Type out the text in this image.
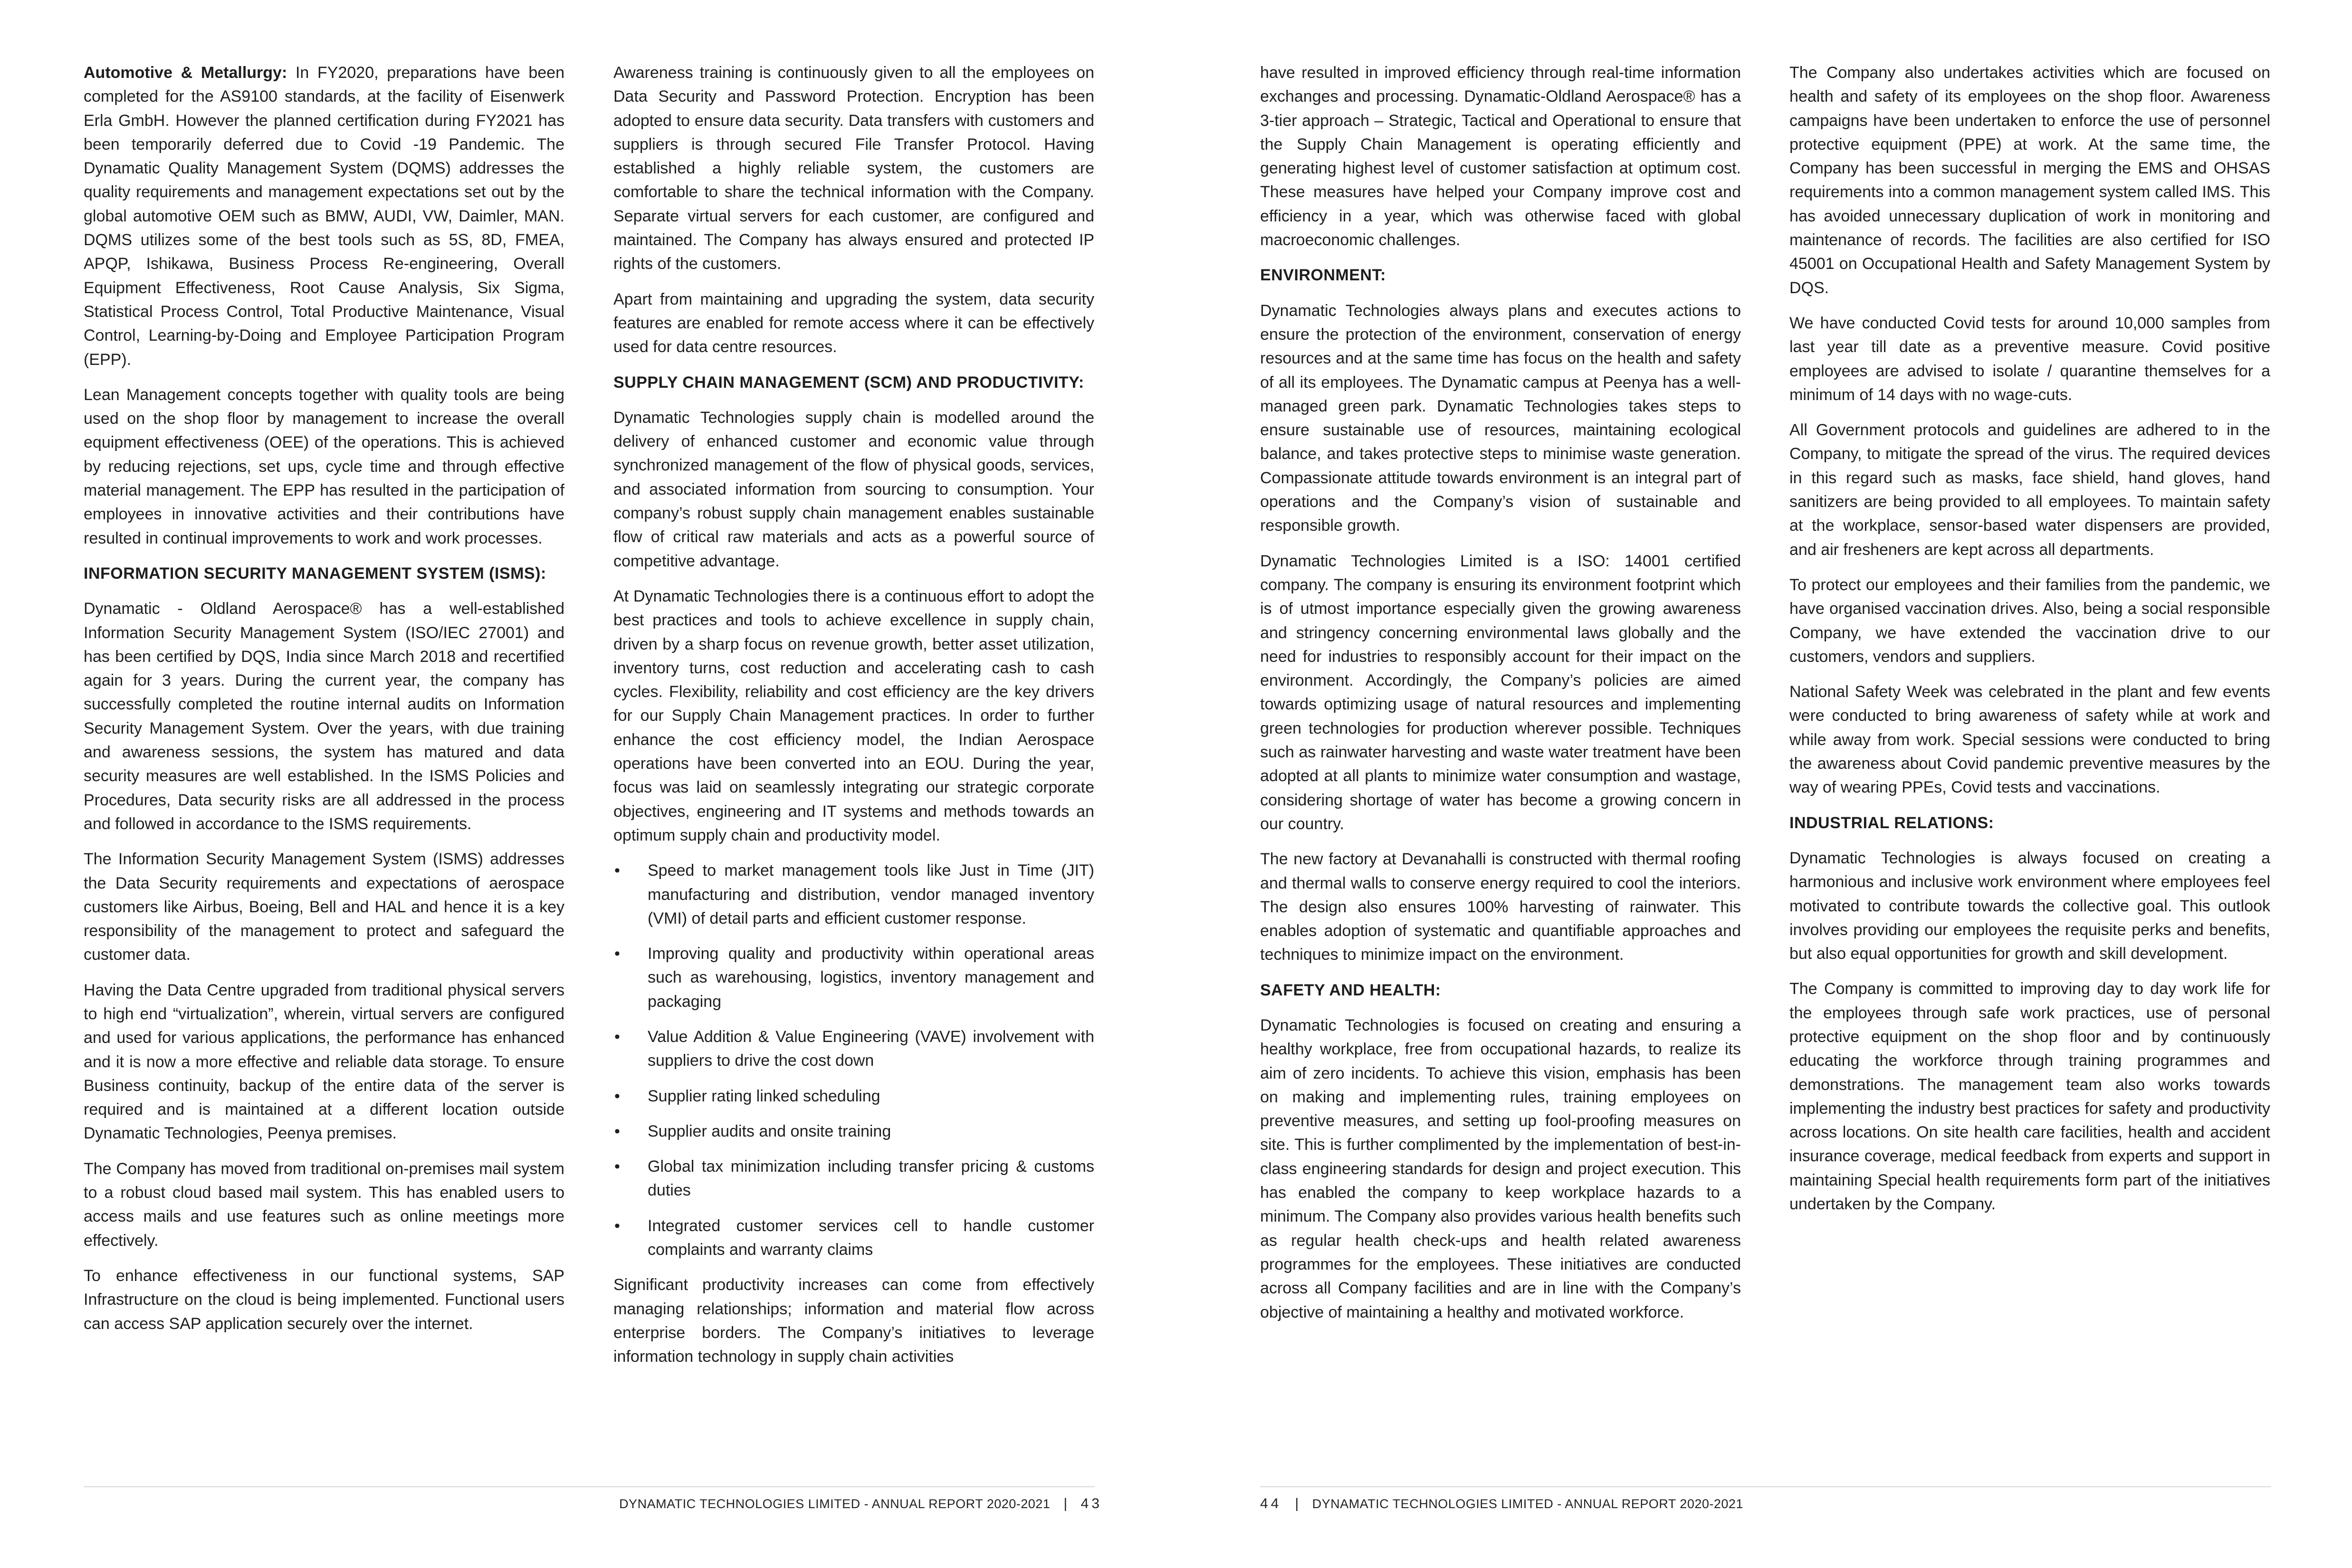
Automotive & Metallurgy: In FY2020, preparations have been completed for the AS9100 standards, at the facility of Eisenwerk Erla GmbH. However the planned certification during FY2021 has been temporarily deferred due to Covid -19 Pandemic. The Dynamatic Quality Management System (DQMS) addresses the quality requirements and management expectations set out by the global automotive OEM such as BMW, AUDI, VW, Daimler, MAN. DQMS utilizes some of the best tools such as 5S, 8D, FMEA, APQP, Ishikawa, Business Process Re-engineering, Overall Equipment Effectiveness, Root Cause Analysis, Six Sigma, Statistical Process Control, Total Productive Maintenance, Visual Control, Learning-by-Doing and Employee Participation Program (EPP).

Lean Management concepts together with quality tools are being used on the shop floor by management to increase the overall equipment effectiveness (OEE) of the operations. This is achieved by reducing rejections, set ups, cycle time and through effective material management. The EPP has resulted in the participation of employees in innovative activities and their contributions have resulted in continual improvements to work and work processes.

INFORMATION SECURITY MANAGEMENT SYSTEM (ISMS):

Dynamatic - Oldland Aerospace® has a well-established Information Security Management System (ISO/IEC 27001) and has been certified by DQS, India since March 2018 and recertified again for 3 years. During the current year, the company has successfully completed the routine internal audits on Information Security Management System. Over the years, with due training and awareness sessions, the system has matured and data security measures are well established. In the ISMS Policies and Procedures, Data security risks are all addressed in the process and followed in accordance to the ISMS requirements.

The Information Security Management System (ISMS) addresses the Data Security requirements and expectations of aerospace customers like Airbus, Boeing, Bell and HAL and hence it is a key responsibility of the management to protect and safeguard the customer data.

Having the Data Centre upgraded from traditional physical servers to high end “virtualization”, wherein, virtual servers are configured and used for various applications, the performance has enhanced and it is now a more effective and reliable data storage. To ensure Business continuity, backup of the entire data of the server is required and is maintained at a different location outside Dynamatic Technologies, Peenya premises.

The Company has moved from traditional on-premises mail system to a robust cloud based mail system. This has enabled users to access mails and use features such as online meetings more effectively.

To enhance effectiveness in our functional systems, SAP Infrastructure on the cloud is being implemented. Functional users can access SAP application securely over the internet.

Awareness training is continuously given to all the employees on Data Security and Password Protection. Encryption has been adopted to ensure data security. Data transfers with customers and suppliers is through secured File Transfer Protocol. Having established a highly reliable system, the customers are comfortable to share the technical information with the Company. Separate virtual servers for each customer, are configured and maintained. The Company has always ensured and protected IP rights of the customers.

Apart from maintaining and upgrading the system, data security features are enabled for remote access where it can be effectively used for data centre resources.

SUPPLY CHAIN MANAGEMENT (SCM) AND PRODUCTIVITY:

Dynamatic Technologies supply chain is modelled around the delivery of enhanced customer and economic value through synchronized management of the flow of physical goods, services, and associated information from sourcing to consumption. Your company’s robust supply chain management enables sustainable flow of critical raw materials and acts as a powerful source of competitive advantage.

At Dynamatic Technologies there is a continuous effort to adopt the best practices and tools to achieve excellence in supply chain, driven by a sharp focus on revenue growth, better asset utilization, inventory turns, cost reduction and accelerating cash to cash cycles. Flexibility, reliability and cost efficiency are the key drivers for our Supply Chain Management practices. In order to further enhance the cost efficiency model, the Indian Aerospace operations have been converted into an EOU. During the year, focus was laid on seamlessly integrating our strategic corporate objectives, engineering and IT systems and methods towards an optimum supply chain and productivity model.

• Speed to market management tools like Just in Time (JIT) manufacturing and distribution, vendor managed inventory (VMI) of detail parts and efficient customer response.
• Improving quality and productivity within operational areas such as warehousing, logistics, inventory management and packaging
• Value Addition & Value Engineering (VAVE) involvement with suppliers to drive the cost down
• Supplier rating linked scheduling
• Supplier audits and onsite training
• Global tax minimization including transfer pricing & customs duties
• Integrated customer services cell to handle customer complaints and warranty claims

Significant productivity increases can come from effectively managing relationships; information and material flow across enterprise borders. The Company’s initiatives to leverage information technology in supply chain activities

have resulted in improved efficiency through real-time information exchanges and processing. Dynamatic-Oldland Aerospace® has a 3-tier approach – Strategic, Tactical and Operational to ensure that the Supply Chain Management is operating efficiently and generating highest level of customer satisfaction at optimum cost. These measures have helped your Company improve cost and efficiency in a year, which was otherwise faced with global macroeconomic challenges.

ENVIRONMENT:

Dynamatic Technologies always plans and executes actions to ensure the protection of the environment, conservation of energy resources and at the same time has focus on the health and safety of all its employees. The Dynamatic campus at Peenya has a well-managed green park. Dynamatic Technologies takes steps to ensure sustainable use of resources, maintaining ecological balance, and takes protective steps to minimise waste generation. Compassionate attitude towards environment is an integral part of operations and the Company’s vision of sustainable and responsible growth.

Dynamatic Technologies Limited is a ISO: 14001 certified company. The company is ensuring its environment footprint which is of utmost importance especially given the growing awareness and stringency concerning environmental laws globally and the need for industries to responsibly account for their impact on the environment. Accordingly, the Company’s policies are aimed towards optimizing usage of natural resources and implementing green technologies for production wherever possible. Techniques such as rainwater harvesting and waste water treatment have been adopted at all plants to minimize water consumption and wastage, considering shortage of water has become a growing concern in our country.

The new factory at Devanahalli is constructed with thermal roofing and thermal walls to conserve energy required to cool the interiors. The design also ensures 100% harvesting of rainwater. This enables adoption of systematic and quantifiable approaches and techniques to minimize impact on the environment.

SAFETY AND HEALTH:

Dynamatic Technologies is focused on creating and ensuring a healthy workplace, free from occupational hazards, to realize its aim of zero incidents. To achieve this vision, emphasis has been on making and implementing rules, training employees on preventive measures, and setting up fool-proofing measures on site. This is further complimented by the implementation of best-in-class engineering standards for design and project execution. This has enabled the company to keep workplace hazards to a minimum. The Company also provides various health benefits such as regular health check-ups and health related awareness programmes for the employees. These initiatives are conducted across all Company facilities and are in line with the Company’s objective of maintaining a healthy and motivated workforce.

The Company also undertakes activities which are focused on health and safety of its employees on the shop floor. Awareness campaigns have been undertaken to enforce the use of personnel protective equipment (PPE) at work. At the same time, the Company has been successful in merging the EMS and OHSAS requirements into a common management system called IMS. This has avoided unnecessary duplication of work in monitoring and maintenance of records. The facilities are also certified for ISO 45001 on Occupational Health and Safety Management System by DQS.

We have conducted Covid tests for around 10,000 samples from last year till date as a preventive measure. Covid positive employees are advised to isolate / quarantine themselves for a minimum of 14 days with no wage-cuts.

All Government protocols and guidelines are adhered to in the Company, to mitigate the spread of the virus. The required devices in this regard such as masks, face shield, hand gloves, hand sanitizers are being provided to all employees. To maintain safety at the workplace, sensor-based water dispensers are provided, and air fresheners are kept across all departments.

To protect our employees and their families from the pandemic, we have organised vaccination drives. Also, being a social responsible Company, we have extended the vaccination drive to our customers, vendors and suppliers.

National Safety Week was celebrated in the plant and few events were conducted to bring awareness of safety while at work and while away from work. Special sessions were conducted to bring the awareness about Covid pandemic preventive measures by the way of wearing PPEs, Covid tests and vaccinations.

INDUSTRIAL RELATIONS:

Dynamatic Technologies is always focused on creating a harmonious and inclusive work environment where employees feel motivated to contribute towards the collective goal. This outlook involves providing our employees the requisite perks and benefits, but also equal opportunities for growth and skill development.

The Company is committed to improving day to day work life for the employees through safe work practices, use of personal protective equipment on the shop floor and by continuously educating the workforce through training programmes and demonstrations. The management team also works towards implementing the industry best practices for safety and productivity across locations. On site health care facilities, health and accident insurance coverage, medical feedback from experts and support in maintaining Special health requirements form part of the initiatives undertaken by the Company.

DYNAMATIC TECHNOLOGIES LIMITED - ANNUAL REPORT 2020-2021 | 43	44 | DYNAMATIC TECHNOLOGIES LIMITED - ANNUAL REPORT 2020-2021
